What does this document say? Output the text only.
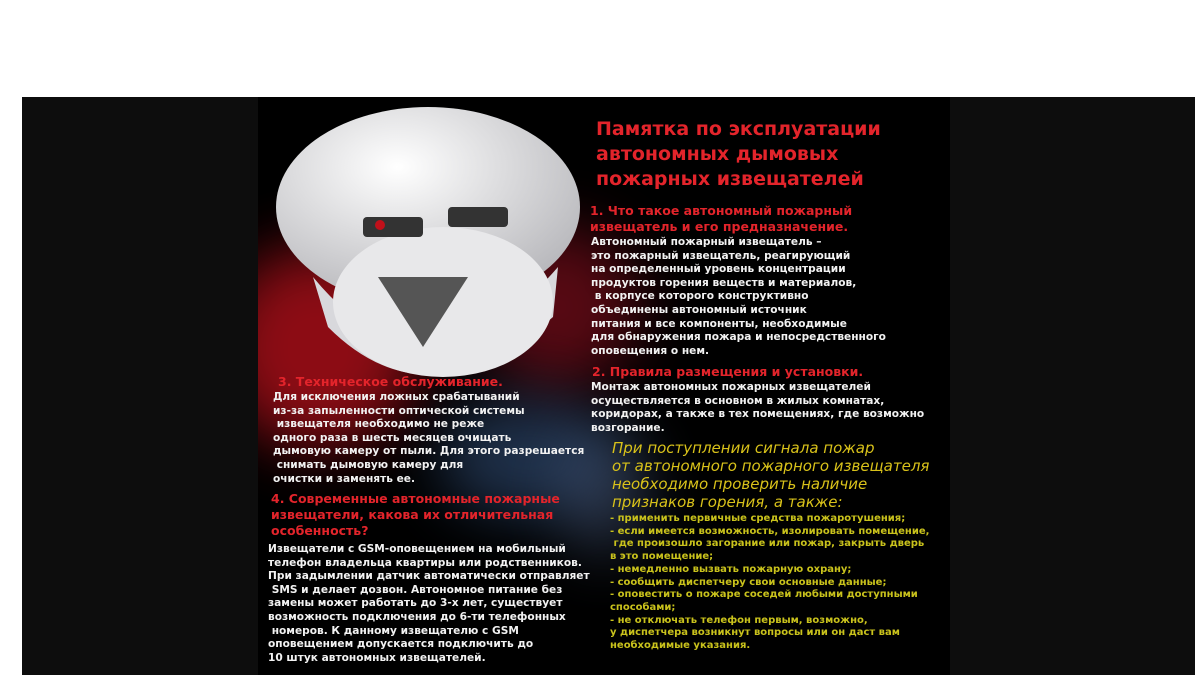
Памятка по эксплуатации
автономных дымовых
пожарных извещателей
1. Что такое автономный пожарный
извещатель и его предназначение.
Автономный пожарный извещатель –
это пожарный извещатель, реагирующий
на определенный уровень концентрации
продуктов горения веществ и материалов,
в корпусе которого конструктивно
объединены автономный источник
питания и все компоненты, необходимые
для обнаружения пожара и непосредственного
оповещения о нем.
2. Правила размещения и установки.
Монтаж автономных пожарных извещателей
осуществляется в основном в жилых комнатах,
коридорах, а также в тех помещениях, где возможно
возгорание.
3. Техническое обслуживание.
Для исключения ложных срабатываний
из-за запыленности оптической системы
извещателя необходимо не реже
одного раза в шесть месяцев очищать
дымовую камеру от пыли. Для этого разрешается
снимать дымовую камеру для
очистки и заменять ее.
4. Современные автономные пожарные
извещатели, какова их отличительная
особенность?
Извещатели с GSM-оповещением на мобильный
телефон владельца квартиры или родственников.
При задымлении датчик автоматически отправляет
SMS и делает дозвон. Автономное питание без
замены может работать до 3-х лет, существует
возможность подключения до 6-ти телефонных
номеров. К данному извещателю с GSM
оповещением допускается подключить до
10 штук автономных извещателей.
При поступлении сигнала пожар
от автономного пожарного извещателя
необходимо проверить наличие
признаков горения, а также:
- применить первичные средства пожаротушения;
- если имеется возможность, изолировать помещение,
где произошло загорание или пожар, закрыть дверь
в это помещение;
- немедленно вызвать пожарную охрану;
- сообщить диспетчеру свои основные данные;
- оповестить о пожаре соседей любыми доступными
способами;
- не отключать телефон первым, возможно,
у диспетчера возникнут вопросы или он даст вам
необходимые указания.
